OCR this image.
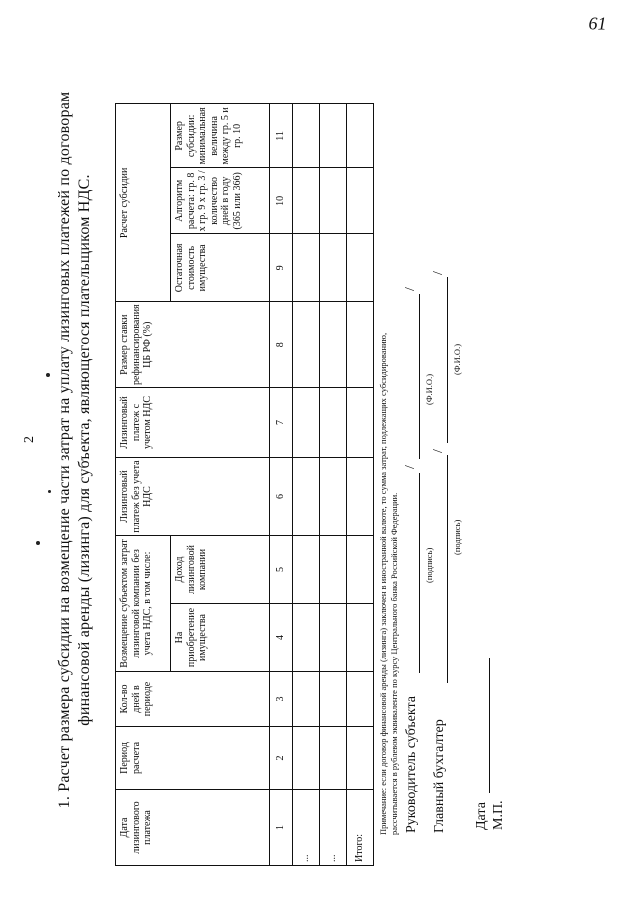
2
61
1. Расчет размера субсидии на возмещение части затрат на уплату лизинговых платежей по договорам финансовой аренды (лизинга) для субъекта, являющегося плательщиком НДС.
Дата лизингового платежа	Период расчета	Кол-во дней в периоде	Возмещение субъектом затрат лизинговой компании без учета НДС, в том числе:		Лизинговый платеж без учета НДС	Лизинговый платеж с учетом НДС	Размер ставки рефинансирования ЦБ РФ (%)	Расчет субсидии		
			На приобретение имущества	Доход лизинговой компании				Остаточная стоимость имущества	Алгоритм расчета: гр. 8 х гр. 9 х гр. 3 / количество дней в году (365 или 366)	Размер субсидии: минимальная величина между гр. 5 и гр. 10
1	2	3	4	5	6	7	8	9	10	11
...										
...										
Итого:										
Примечание: если договор финансовой аренды (лизинга) заключен в иностранной валюте, то сумма затрат, подлежащих субсидированию, рассчитывается в рублевом эквиваленте по курсу Центрального банка Российской Федерации. Руководитель субъекта
/
/
(подпись)
(Ф.И.О.)
Главный бухгалтер
/
/
(подпись)
(Ф.И.О.)
Дата М.П.
